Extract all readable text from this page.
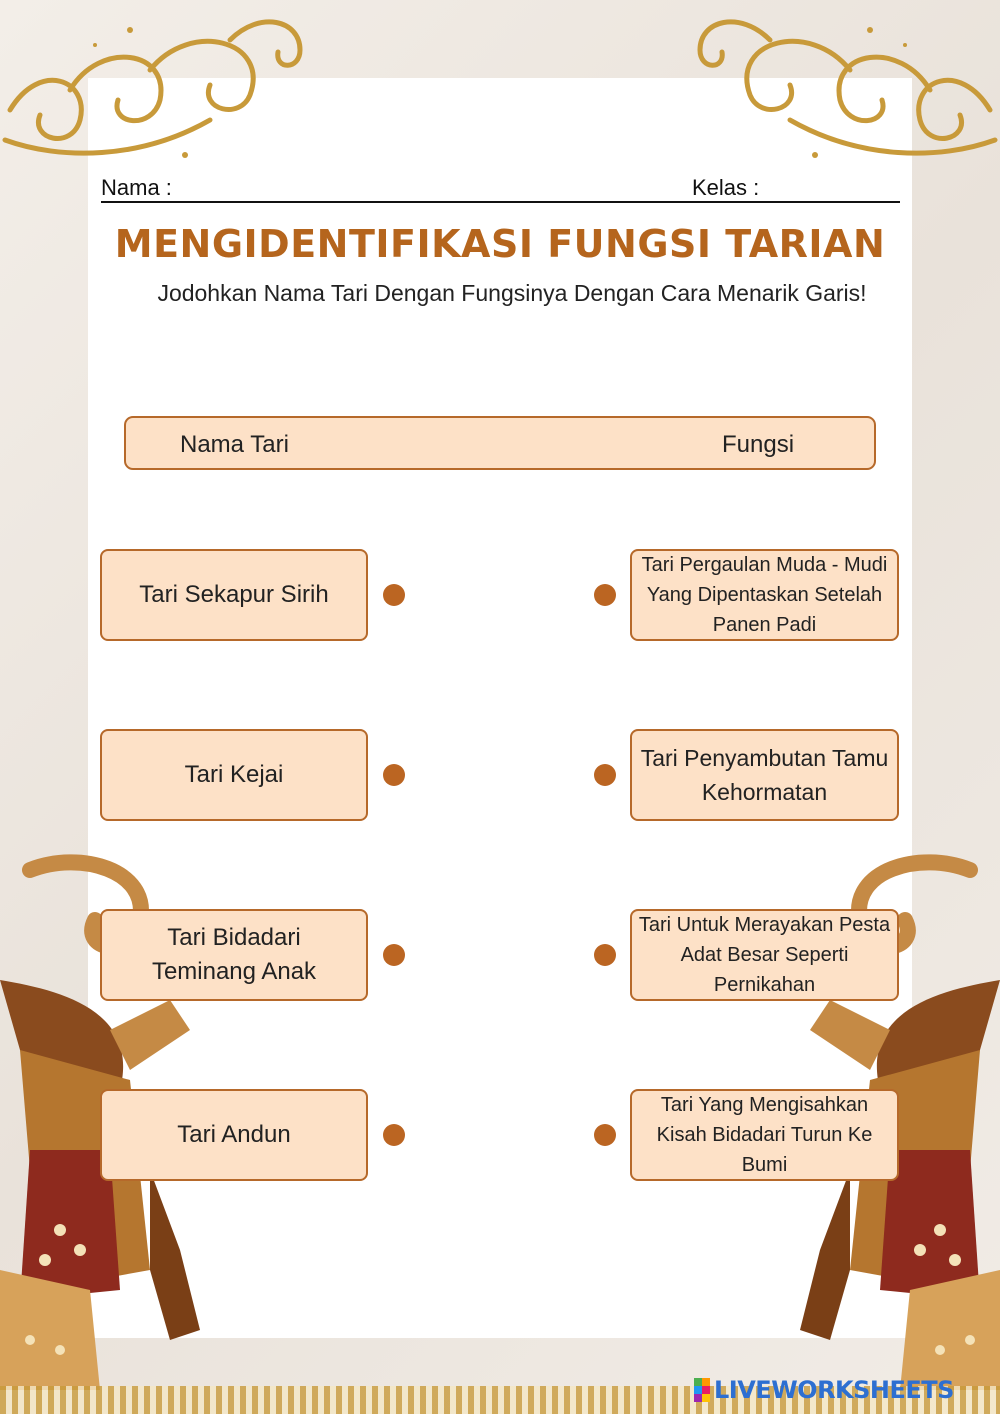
Nama :	Kelas :
MENGIDENTIFIKASI FUNGSI TARIAN
Jodohkan Nama Tari Dengan Fungsinya Dengan Cara Menarik Garis!
Nama Tari	Fungsi
Tari Sekapur Sirih
Tari Pergaulan Muda - Mudi Yang Dipentaskan Setelah Panen Padi
Tari Kejai
Tari Penyambutan Tamu Kehormatan
Tari Bidadari Teminang Anak
Tari Untuk Merayakan Pesta Adat Besar Seperti Pernikahan
Tari Andun
Tari Yang Mengisahkan Kisah Bidadari Turun Ke Bumi
LIVEWORKSHEETS
